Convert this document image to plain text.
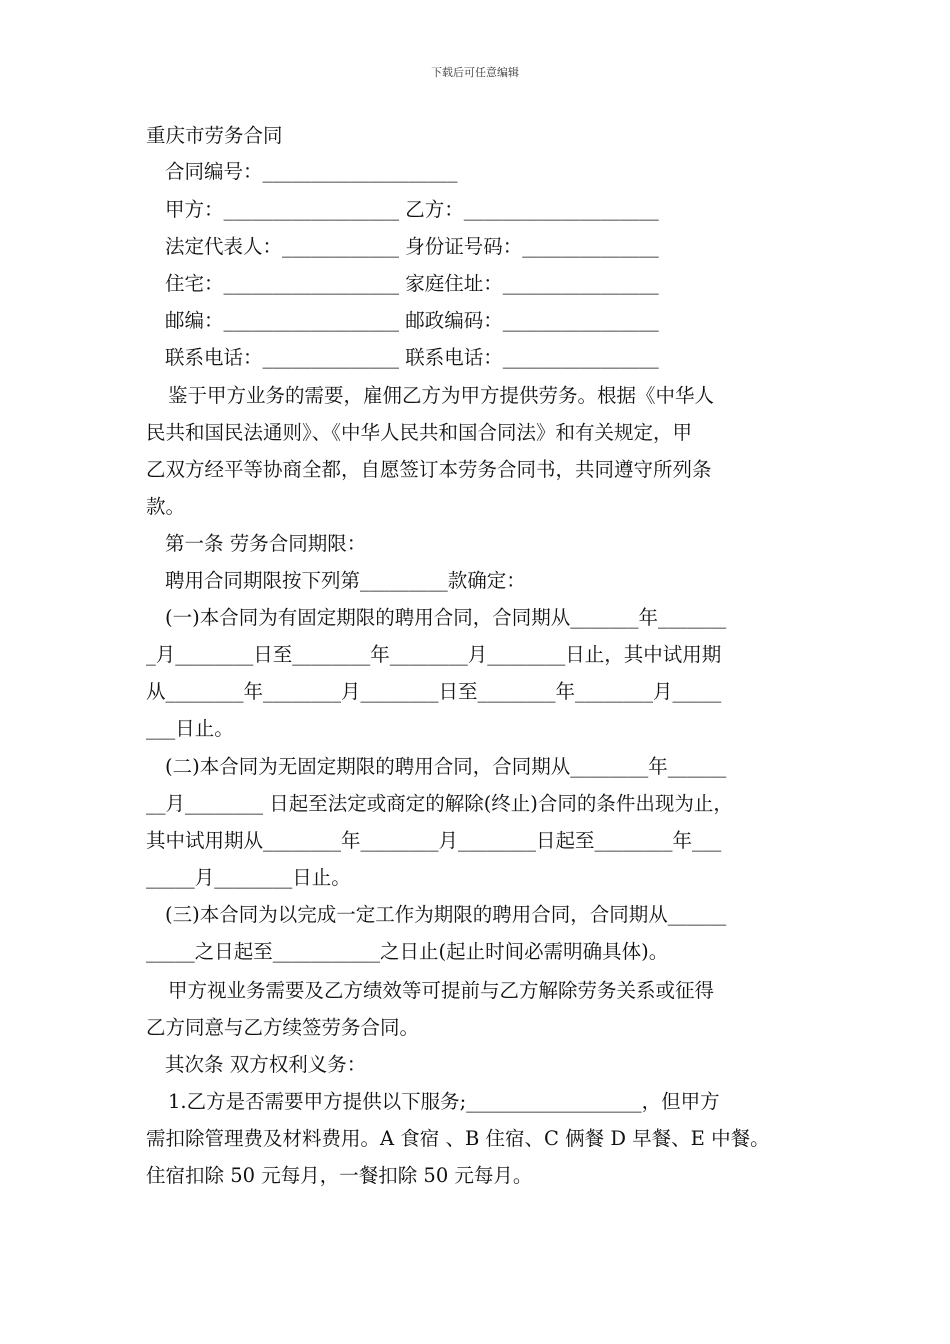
下载后可任意编辑
重庆市劳务合同
合同编号：____________________
甲方：__________________ 乙方：____________________
法定代表人：____________ 身份证号码：______________
住宅：__________________ 家庭住址：________________
邮编：__________________ 邮政编码：________________
联系电话：______________ 联系电话：________________
鉴于甲方业务的需要，雇佣乙方为甲方提供劳务。根据《中华人
民共和国民法通则》、《中华人民共和国合同法》和有关规定，甲
乙双方经平等协商全都，自愿签订本劳务合同书，共同遵守所列条
款。
第一条 劳务合同期限：
聘用合同期限按下列第_________款确定：
(一)本合同为有固定期限的聘用合同，合同期从_______年_______
_月________日至________年________月________日止，其中试用期
从________年________月________日至________年________月_____
___日止。
(二)本合同为无固定期限的聘用合同，合同期从________年______
__月________ 日起至法定或商定的解除(终止)合同的条件出现为止，
其中试用期从________年________月________日起至________年___
_____月________日止。
(三)本合同为以完成一定工作为期限的聘用合同，合同期从______
_____之日起至___________之日止(起止时间必需明确具体)。
甲方视业务需要及乙方绩效等可提前与乙方解除劳务关系或征得
乙方同意与乙方续签劳务合同。
其次条 双方权利义务：
1.乙方是否需要甲方提供以下服务;__________________，但甲方
需扣除管理费及材料费用。A 食宿 、B 住宿、C 俩餐 D 早餐、E 中餐。
住宿扣除 50 元每月，一餐扣除 50 元每月。
